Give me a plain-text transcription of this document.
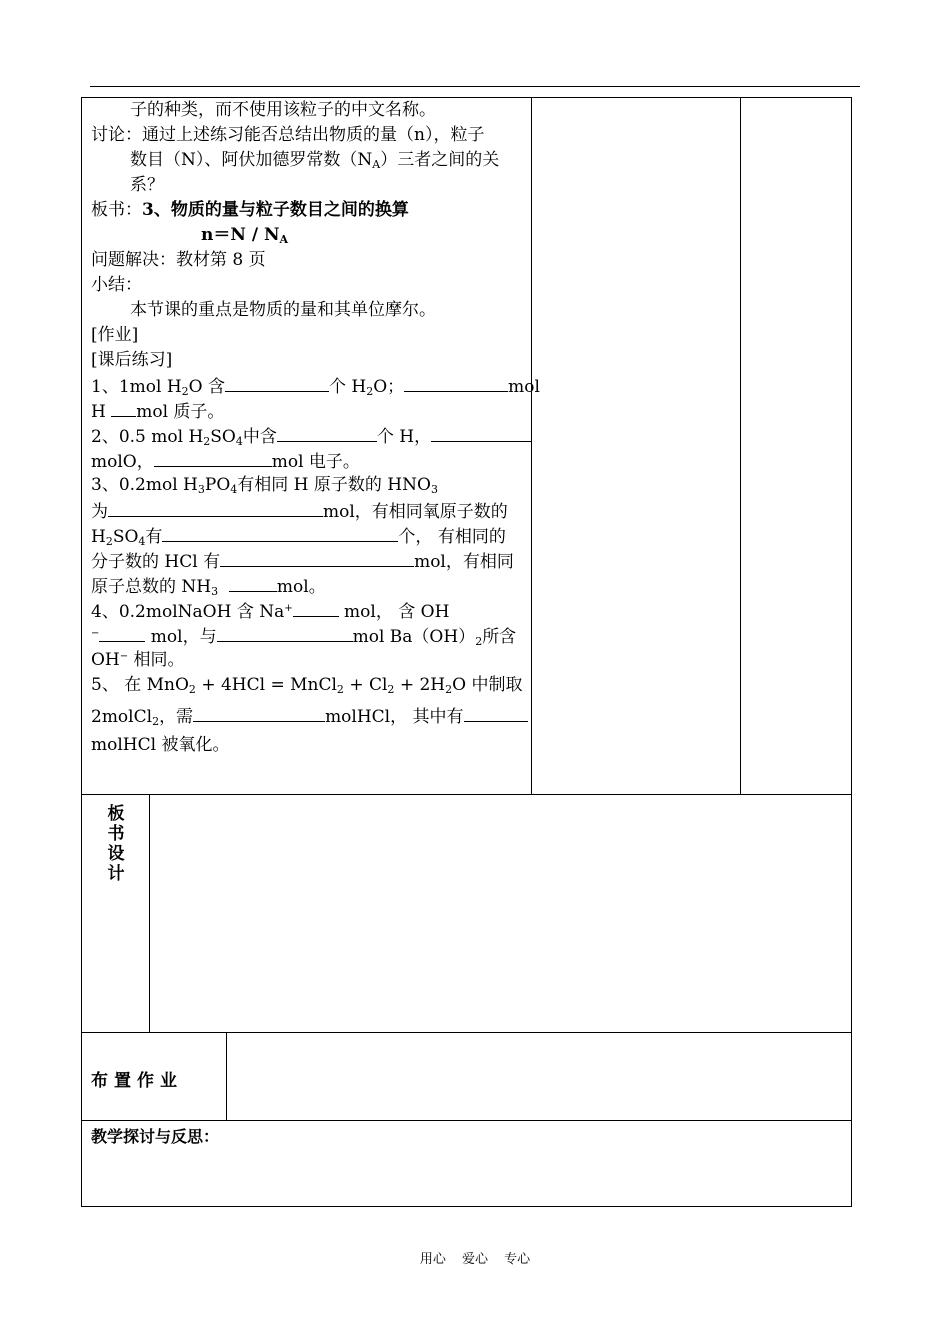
子的种类，而不使用该粒子的中文名称。
讨论：通过上述练习能否总结出物质的量（n），粒子
数目（N）、阿伏加德罗常数$(N_A)$三者之间的关
系？
板书：3、物质的量与粒子数目之间的换算
$n=N / N_A$
问题解决：教材第 8 页
小结：
本节课的重点是物质的量和其单位摩尔。
[作业]
[课后练习]
1、1mol $H_2O$ 含	个 $H_2O$；	mol
H mol 质子。
2、0.5 mol $H_2SO_4$中含	个 H，
molO，	mol 电子。
3、0.2mol $H_3PO_4$有相同 H 原子数的 $HNO_3$
为	mol，有相同氧原子数的
$H_2SO_4$有	个， 有相同的
分子数的 HCl 有	mol，有相同
原子总数的 $NH_3$	mol。
4、0.2molNaOH 含 Na+	mol， 含 OH
−	mol，与	mol $Ba(OH)_2$所含
OH− 相同。
5、 在 MnO$_2$ + 4HCl = MnCl$_2$ + $Cl_2 + 2H_2O$ 中制取
2molCl$_2$，需	molHCl， 其中有
molHCl 被氧化。
板
书
设
计
布置作业
教学探讨与反思：
用心 爱心 专心
